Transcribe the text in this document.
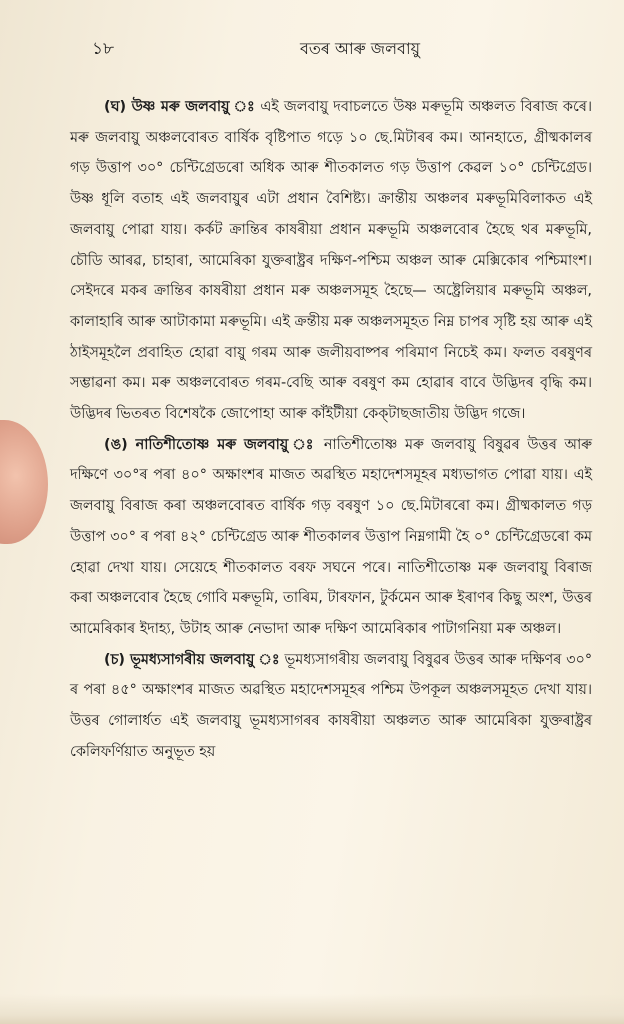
১৮	বতৰ আৰু জলবায়ু

(ঘ) উষ্ণ মৰু জলবায়ু ঃ এই জলবায়ু দবাচলতে উষ্ণ মৰুভূমি অঞ্চলত বিৰাজ কৰে। মৰু জলবায়ু অঞ্চলবোৰত বাৰ্ষিক বৃষ্টিপাত গড়ে ১০ ছে.মিটাৰৰ কম। আনহাতে, গ্ৰীষ্মকালৰ গড় উত্তাপ ৩০° চেন্টিগ্ৰেডৰো অধিক আৰু শীতকালত গড় উত্তাপ কেৱল ১০° চেন্টিগ্ৰেড। উষ্ণ ধূলি বতাহ এই জলবায়ুৰ এটা প্ৰধান বৈশিষ্ট্য। ক্ৰান্তীয় অঞ্চলৰ মৰুভূমিবিলাকত এই জলবায়ু পোৱা যায়। কৰ্কট ক্ৰান্তিৰ কাষৰীয়া প্ৰধান মৰুভূমি অঞ্চলবোৰ হৈছে থৰ মৰুভূমি, চৌডি আৰৱ, চাহাৰা, আমেৰিকা যুক্তৰাষ্ট্ৰৰ দক্ষিণ-পশ্চিম অঞ্চল আৰু মেক্সিকোৰ পশ্চিমাংশ। সেইদৰে মকৰ ক্ৰান্তিৰ কাষৰীয়া প্ৰধান মৰু অঞ্চলসমূহ হৈছে— অষ্ট্ৰেলিয়াৰ মৰুভূমি অঞ্চল, কালাহাৰি আৰু আটাকামা মৰুভূমি। এই ক্ৰন্তীয় মৰু অঞ্চলসমূহত নিম্ন চাপৰ সৃষ্টি হয় আৰু এই ঠাইসমূহলৈ প্ৰবাহিত হোৱা বায়ু গৰম আৰু জলীয়বাষ্পৰ পৰিমাণ নিচেই কম। ফলত বৰষুণৰ সম্ভাৱনা কম। মৰু অঞ্চলবোৰত গৰম-বেছি আৰু বৰষুণ কম হোৱাৰ বাবে উদ্ভিদৰ বৃদ্ধি কম। উদ্ভিদৰ ভিতৰত বিশেষকৈ জোপোহা আৰু কাঁইটীয়া কেক্‌টাছজাতীয় উদ্ভিদ গজে।

(ঙ) নাতিশীতোষ্ণ মৰু জলবায়ু ঃ নাতিশীতোষ্ণ মৰু জলবায়ু বিষুৱৰ উত্তৰ আৰু দক্ষিণে ৩০°ৰ পৰা ৪০° অক্ষাংশৰ মাজত অৱস্থিত মহাদেশসমূহৰ মধ্যভাগত পোৱা যায়। এই জলবায়ু বিৰাজ কৰা অঞ্চলবোৰত বাৰ্ষিক গড় বৰষুণ ১০ ছে.মিটাৰৰো কম। গ্ৰীষ্মকালত গড় উত্তাপ ৩০° ৰ পৰা ৪২° চেন্টিগ্ৰেড আৰু শীতকালৰ উত্তাপ নিম্নগামী হৈ ০° চেন্টিগ্ৰেডৰো কম হোৱা দেখা যায়। সেয়েহে শীতকালত বৰফ সঘনে পৰে। নাতিশীতোষ্ণ মৰু জলবায়ু বিৰাজ কৰা অঞ্চলবোৰ হৈছে গোবি মৰুভূমি, তাৰিম, টাৰফান, টুৰ্কমেন আৰু ইৰাণৰ কিছু অংশ, উত্তৰ আমেৰিকাৰ ইদাহ্য, উটাহ আৰু নেভাদা আৰু দক্ষিণ আমেৰিকাৰ পাটাগনিয়া মৰু অঞ্চল।

(চ) ভূমধ্যসাগৰীয় জলবায়ু ঃ ভূমধ্যসাগৰীয় জলবায়ু বিষুৱৰ উত্তৰ আৰু দক্ষিণৰ ৩০° ৰ পৰা ৪৫° অক্ষাংশৰ মাজত অৱস্থিত মহাদেশসমূহৰ পশ্চিম উপকূল অঞ্চলসমূহত দেখা যায়। উত্তৰ গোলাৰ্ধত এই জলবায়ু ভূমধ্যসাগৰৰ কাষৰীয়া অঞ্চলত আৰু আমেৰিকা যুক্তৰাষ্ট্ৰৰ কেলিফৰ্ণিয়াত অনুভূত হয়
